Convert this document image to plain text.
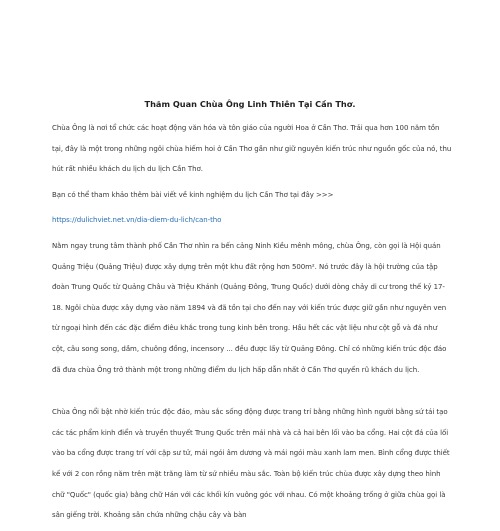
Thăm Quan Chùa Ông Linh Thiên Tại Cần Thơ.

Chùa Ông là nơi tổ chức các hoạt động văn hóa và tôn giáo của người Hoa ở Cần Thơ. Trải qua hơn 100 năm tồn tại, đây là một trong những ngôi chùa hiếm hoi ở Cần Thơ gần như giữ nguyên kiến trúc như nguồn gốc của nó, thu hút rất nhiều khách du lịch du lịch Cần Thơ.

Bạn có thể tham khảo thêm bài viết về kinh nghiệm du lịch Cần Thơ tại đây >>>

https://dulichviet.net.vn/dia-diem-du-lich/can-tho

Nằm ngay trung tâm thành phố Cần Thơ nhìn ra bến cảng Ninh Kiều mênh mông, chùa Ông, còn gọi là Hội quán Quảng Triệu (Quảng Triệu) được xây dựng trên một khu đất rộng hơn 500m². Nó trước đây là hội trường của tập đoàn Trung Quốc từ Quảng Châu và Triệu Khánh (Quảng Đông, Trung Quốc) dưới dòng chảy di cư trong thế kỷ 17-18. Ngôi chùa được xây dựng vào năm 1894 và đã tồn tại cho đến nay với kiến trúc được giữ gần như nguyên ven từ ngoại hình đến các đặc điểm điêu khắc trong tung kinh bên trong. Hầu hết các vật liệu như cột gỗ và đá như cột, câu song song, dầm, chuông đồng, incensory ... đều được lấy từ Quảng Đông. Chỉ có những kiến trúc độc đáo đã đưa chùa Ông trở thành một trong những điểm du lịch hấp dẫn nhất ở Cần Thơ quyến rũ khách du lịch.

Chùa Ông nổi bật nhờ kiến trúc độc đáo, màu sắc sống động được trang trí bằng những hình người bằng sứ tái tạo các tác phẩm kinh điển và truyền thuyết Trung Quốc trên mái nhà và cả hai bên lối vào ba cổng. Hai cột đá của lối vào ba cổng được trang trí với cặp sư tử, mái ngói âm dương và mái ngói màu xanh lam men. Bình cổng được thiết kế với 2 con rồng năm trên mặt trăng làm từ sứ nhiều màu sắc. Toàn bộ kiến trúc chùa được xây dựng theo hình chữ "Quốc" (quốc gia) bằng chữ Hán với các khối kín vuông góc với nhau. Có một khoảng trống ở giữa chùa gọi là sân giếng trời. Khoảng sân chứa những chậu cây và bàn
